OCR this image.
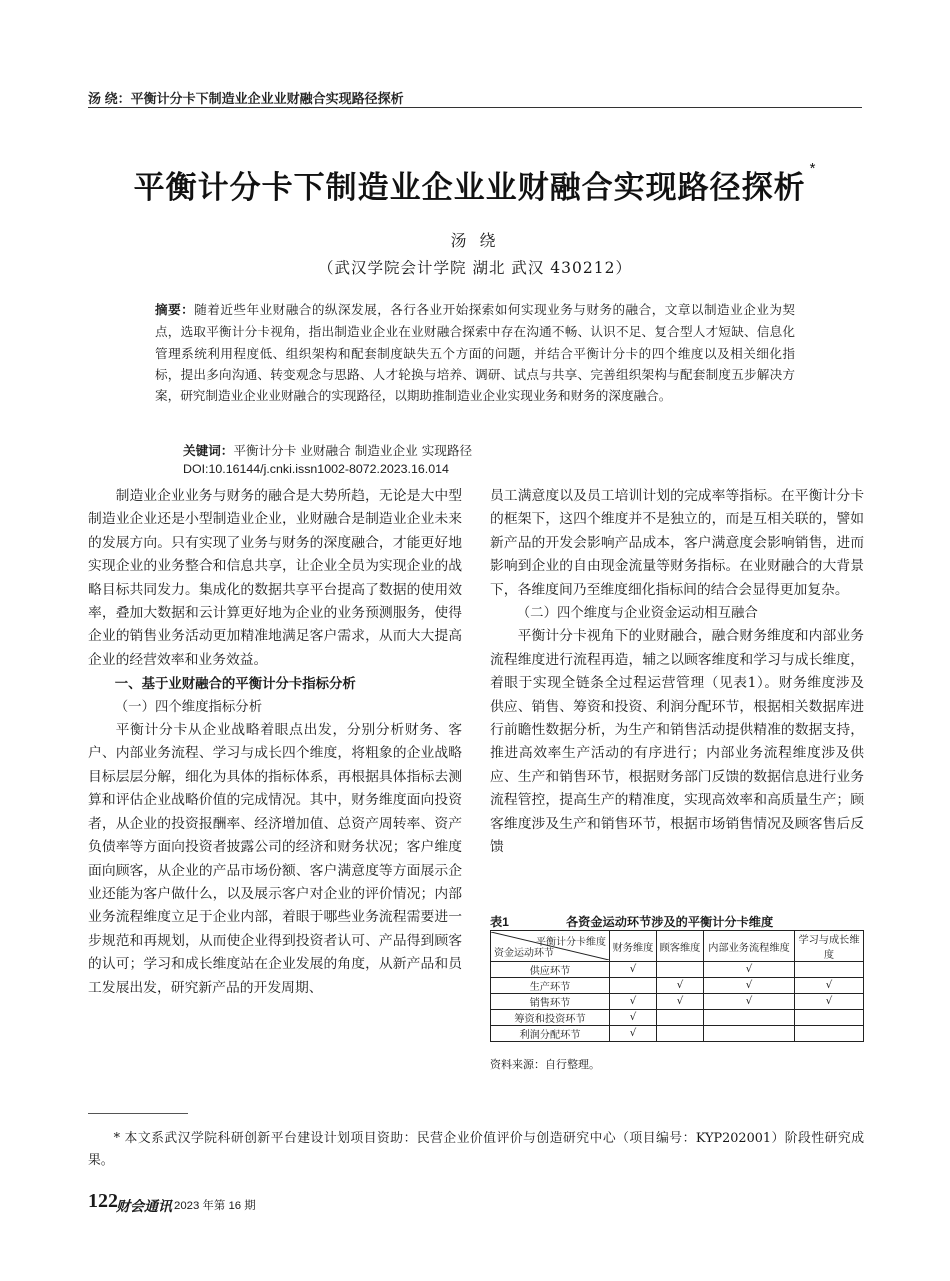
汤 绕：平衡计分卡下制造业企业业财融合实现路径探析
平衡计分卡下制造业企业业财融合实现路径探析*
汤 绕
（武汉学院会计学院 湖北 武汉 430212）
摘要：随着近些年业财融合的纵深发展，各行各业开始探索如何实现业务与财务的融合，文章以制造业企业为契点，选取平衡计分卡视角，指出制造业企业在业财融合探索中存在沟通不畅、认识不足、复合型人才短缺、信息化管理系统利用程度低、组织架构和配套制度缺失五个方面的问题，并结合平衡计分卡的四个维度以及相关细化指标，提出多向沟通、转变观念与思路、人才轮换与培养、调研、试点与共享、完善组织架构与配套制度五步解决方案，研究制造业企业业财融合的实现路径，以期助推制造业企业实现业务和财务的深度融合。
关键词：平衡计分卡 业财融合 制造业企业 实现路径
DOI:10.16144/j.cnki.issn1002-8072.2023.16.014

制造业企业业务与财务的融合是大势所趋，无论是大中型制造业企业还是小型制造业企业，业财融合是制造业企业未来的发展方向。只有实现了业务与财务的深度融合，才能更好地实现企业的业务整合和信息共享，让企业全员为实现企业的战略目标共同发力。集成化的数据共享平台提高了数据的使用效率，叠加大数据和云计算更好地为企业的业务预测服务，使得企业的销售业务活动更加精准地满足客户需求，从而大大提高企业的经营效率和业务效益。

一、基于业财融合的平衡计分卡指标分析

（一）四个维度指标分析

平衡计分卡从企业战略着眼点出发，分别分析财务、客户、内部业务流程、学习与成长四个维度，将粗象的企业战略目标层层分解，细化为具体的指标体系，再根据具体指标去测算和评估企业战略价值的完成情况。其中，财务维度面向投资者，从企业的投资报酬率、经济增加值、总资产周转率、资产负债率等方面向投资者披露公司的经济和财务状况；客户维度面向顾客，从企业的产品市场份额、客户满意度等方面展示企业还能为客户做什么，以及展示客户对企业的评价情况；内部业务流程维度立足于企业内部，着眼于哪些业务流程需要进一步规范和再规划，从而使企业得到投资者认可、产品得到顾客的认可；学习和成长维度站在企业发展的角度，从新产品和员工发展出发，研究新产品的开发周期、

员工满意度以及员工培训计划的完成率等指标。在平衡计分卡的框架下，这四个维度并不是独立的，而是互相关联的，譬如新产品的开发会影响产品成本，客户满意度会影响销售，进而影响到企业的自由现金流量等财务指标。在业财融合的大背景下，各维度间乃至维度细化指标间的结合会显得更加复杂。

（二）四个维度与企业资金运动相互融合

平衡计分卡视角下的业财融合，融合财务维度和内部业务流程维度进行流程再造，辅之以顾客维度和学习与成长维度，着眼于实现全链条全过程运营管理（见表1）。财务维度涉及供应、销售、筹资和投资、利润分配环节，根据相关数据库进行前瞻性数据分析，为生产和销售活动提供精准的数据支持，推进高效率生产活动的有序进行；内部业务流程维度涉及供应、生产和销售环节，根据财务部门反馈的数据信息进行业务流程管控，提高生产的精准度，实现高效率和高质量生产；顾客维度涉及生产和销售环节，根据市场销售情况及顾客售后反馈

表1	各资金运动环节涉及的平衡计分卡维度
平衡计分卡维度
资金运动环节	财务维度	顾客维度	内部业务流程维度	学习与成长维度
供应环节	√		√	
生产环节		√	√	√
销售环节	√	√	√	√
筹资和投资环节	√			
利润分配环节	√			
资料来源：自行整理。
* 本文系武汉学院科研创新平台建设计划项目资助：民营企业价值评价与创造研究中心（项目编号：KYP202001）阶段性研究成果。
122
财会通讯 2023 年第 16 期
